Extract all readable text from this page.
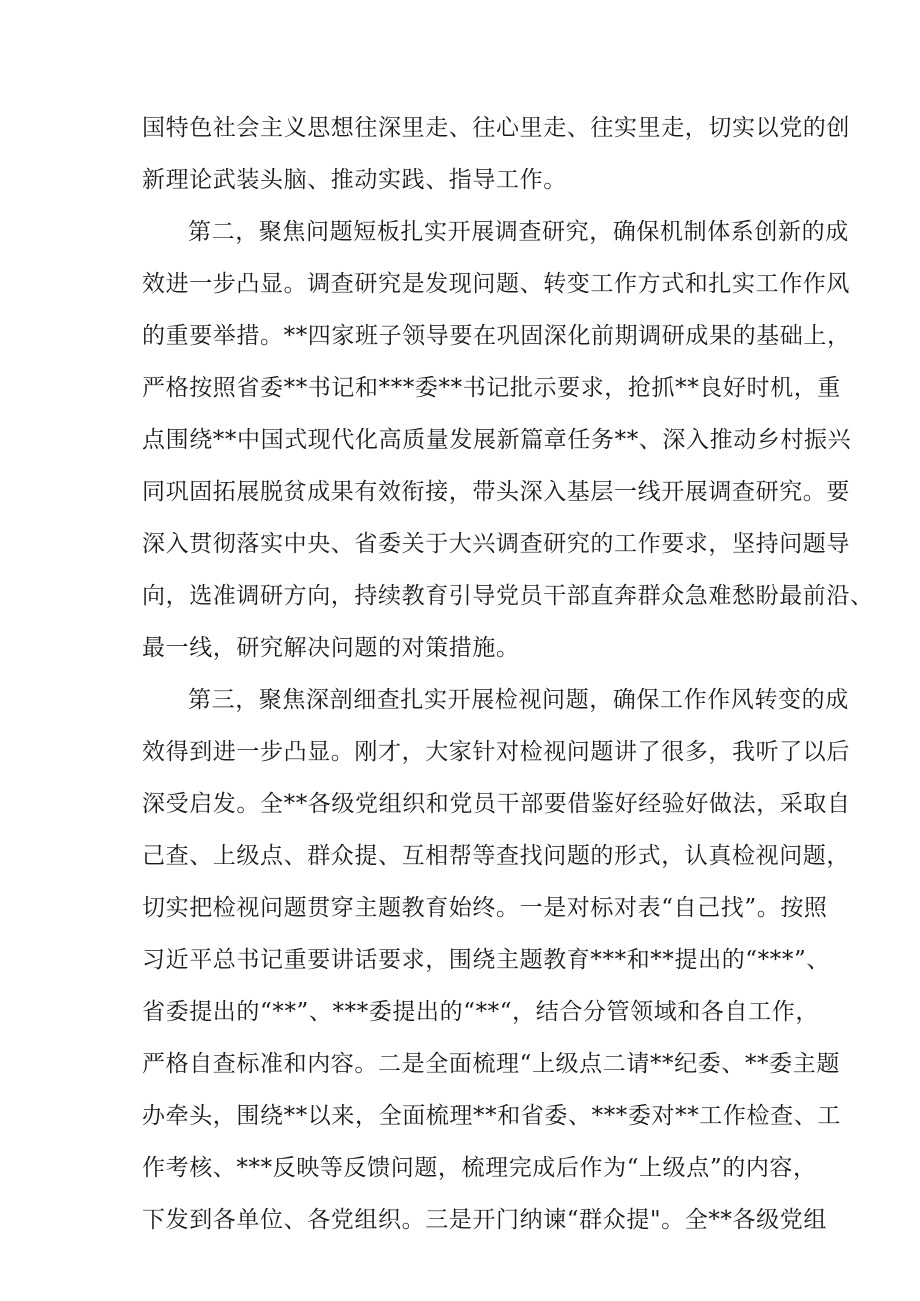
国特色社会主义思想往深里走、往心里走、往实里走，切实以党的创
新理论武装头脑、推动实践、指导工作。
第二，聚焦问题短板扎实开展调查研究，确保机制体系创新的成
效进一步凸显。调查研究是发现问题、转变工作方式和扎实工作作风
的重要举措。**四家班子领导要在巩固深化前期调研成果的基础上，
严格按照省委**书记和***委**书记批示要求，抢抓**良好时机，重
点围绕**中国式现代化高质量发展新篇章任务**、深入推动乡村振兴
同巩固拓展脱贫成果有效衔接，带头深入基层一线开展调查研究。要
深入贯彻落实中央、省委关于大兴调查研究的工作要求，坚持问题导
向，选准调研方向，持续教育引导党员干部直奔群众急难愁盼最前沿、
最一线，研究解决问题的对策措施。
第三，聚焦深剖细查扎实开展检视问题，确保工作作风转变的成
效得到进一步凸显。刚才，大家针对检视问题讲了很多，我听了以后
深受启发。全**各级党组织和党员干部要借鉴好经验好做法，采取自
己查、上级点、群众提、互相帮等查找问题的形式，认真检视问题，
切实把检视问题贯穿主题教育始终。一是对标对表“自己找”。按照
习近平总书记重要讲话要求，围绕主题教育***和**提出的“***”、
省委提出的“**”、***委提出的“**“，结合分管领域和各自工作，
严格自查标准和内容。二是全面梳理“上级点二请**纪委、**委主题
办牵头，围绕**以来，全面梳理**和省委、***委对**工作检查、工
作考核、***反映等反馈问题，梳理完成后作为“上级点”的内容，
下发到各单位、各党组织。三是开门纳谏“群众提"。全**各级党组
